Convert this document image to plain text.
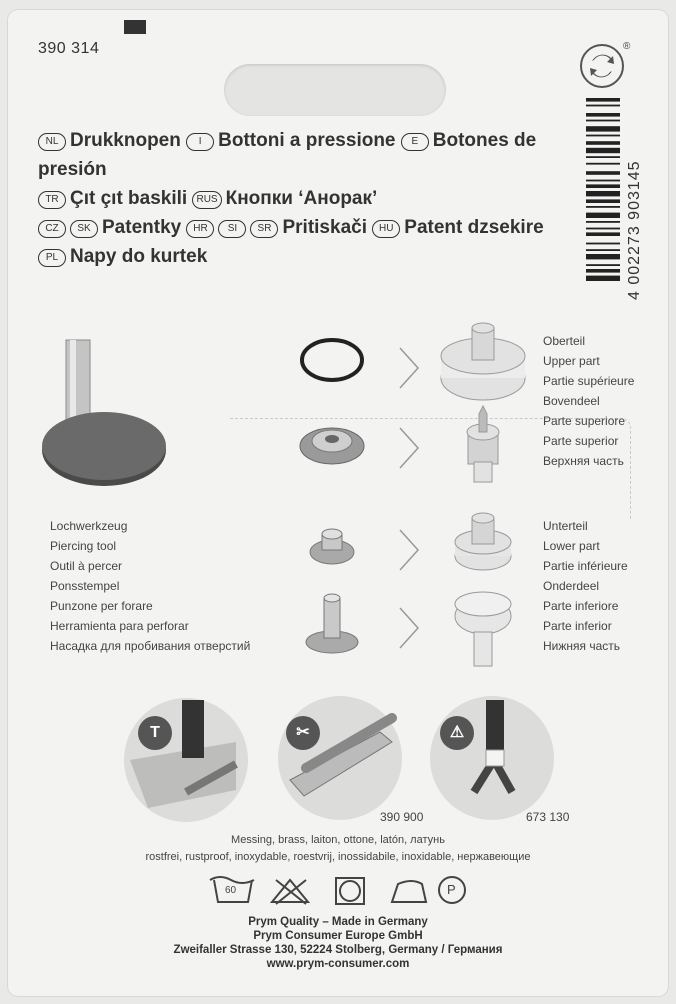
390 314	®
4 002273 903145
NL Drukknopen I Bottoni a pressione E Botones de presión
TR Çıt çıt baskili RUS Кнопки ‘Анорак’
CZ SK Patentky HR SI SR Pritiskači HU Patent dzsekire
PL Napy do kurtek
Oberteil
Upper part
Partie supérieure
Bovendeel
Parte superiore
Parte superior
Верхняя часть
Unterteil
Lower part
Partie inférieure
Onderdeel
Parte inferiore
Parte inferior
Нижняя часть
Lochwerkzeug
Piercing tool
Outil à percer
Ponsstempel
Punzone per forare
Herramienta para perforar
Насадка для пробивания отверстий
T	✂	⚠
390 900	673 130
Messing, brass, laiton, ottone, latón, латунь
rostfrei, rustproof, inoxydable, roestvrij, inossidabile, inoxidable, нержавеющие
60	P
Prym Quality – Made in Germany
Prym Consumer Europe GmbH
Zweifaller Strasse 130, 52224 Stolberg, Germany / Германия
www.prym-consumer.com
